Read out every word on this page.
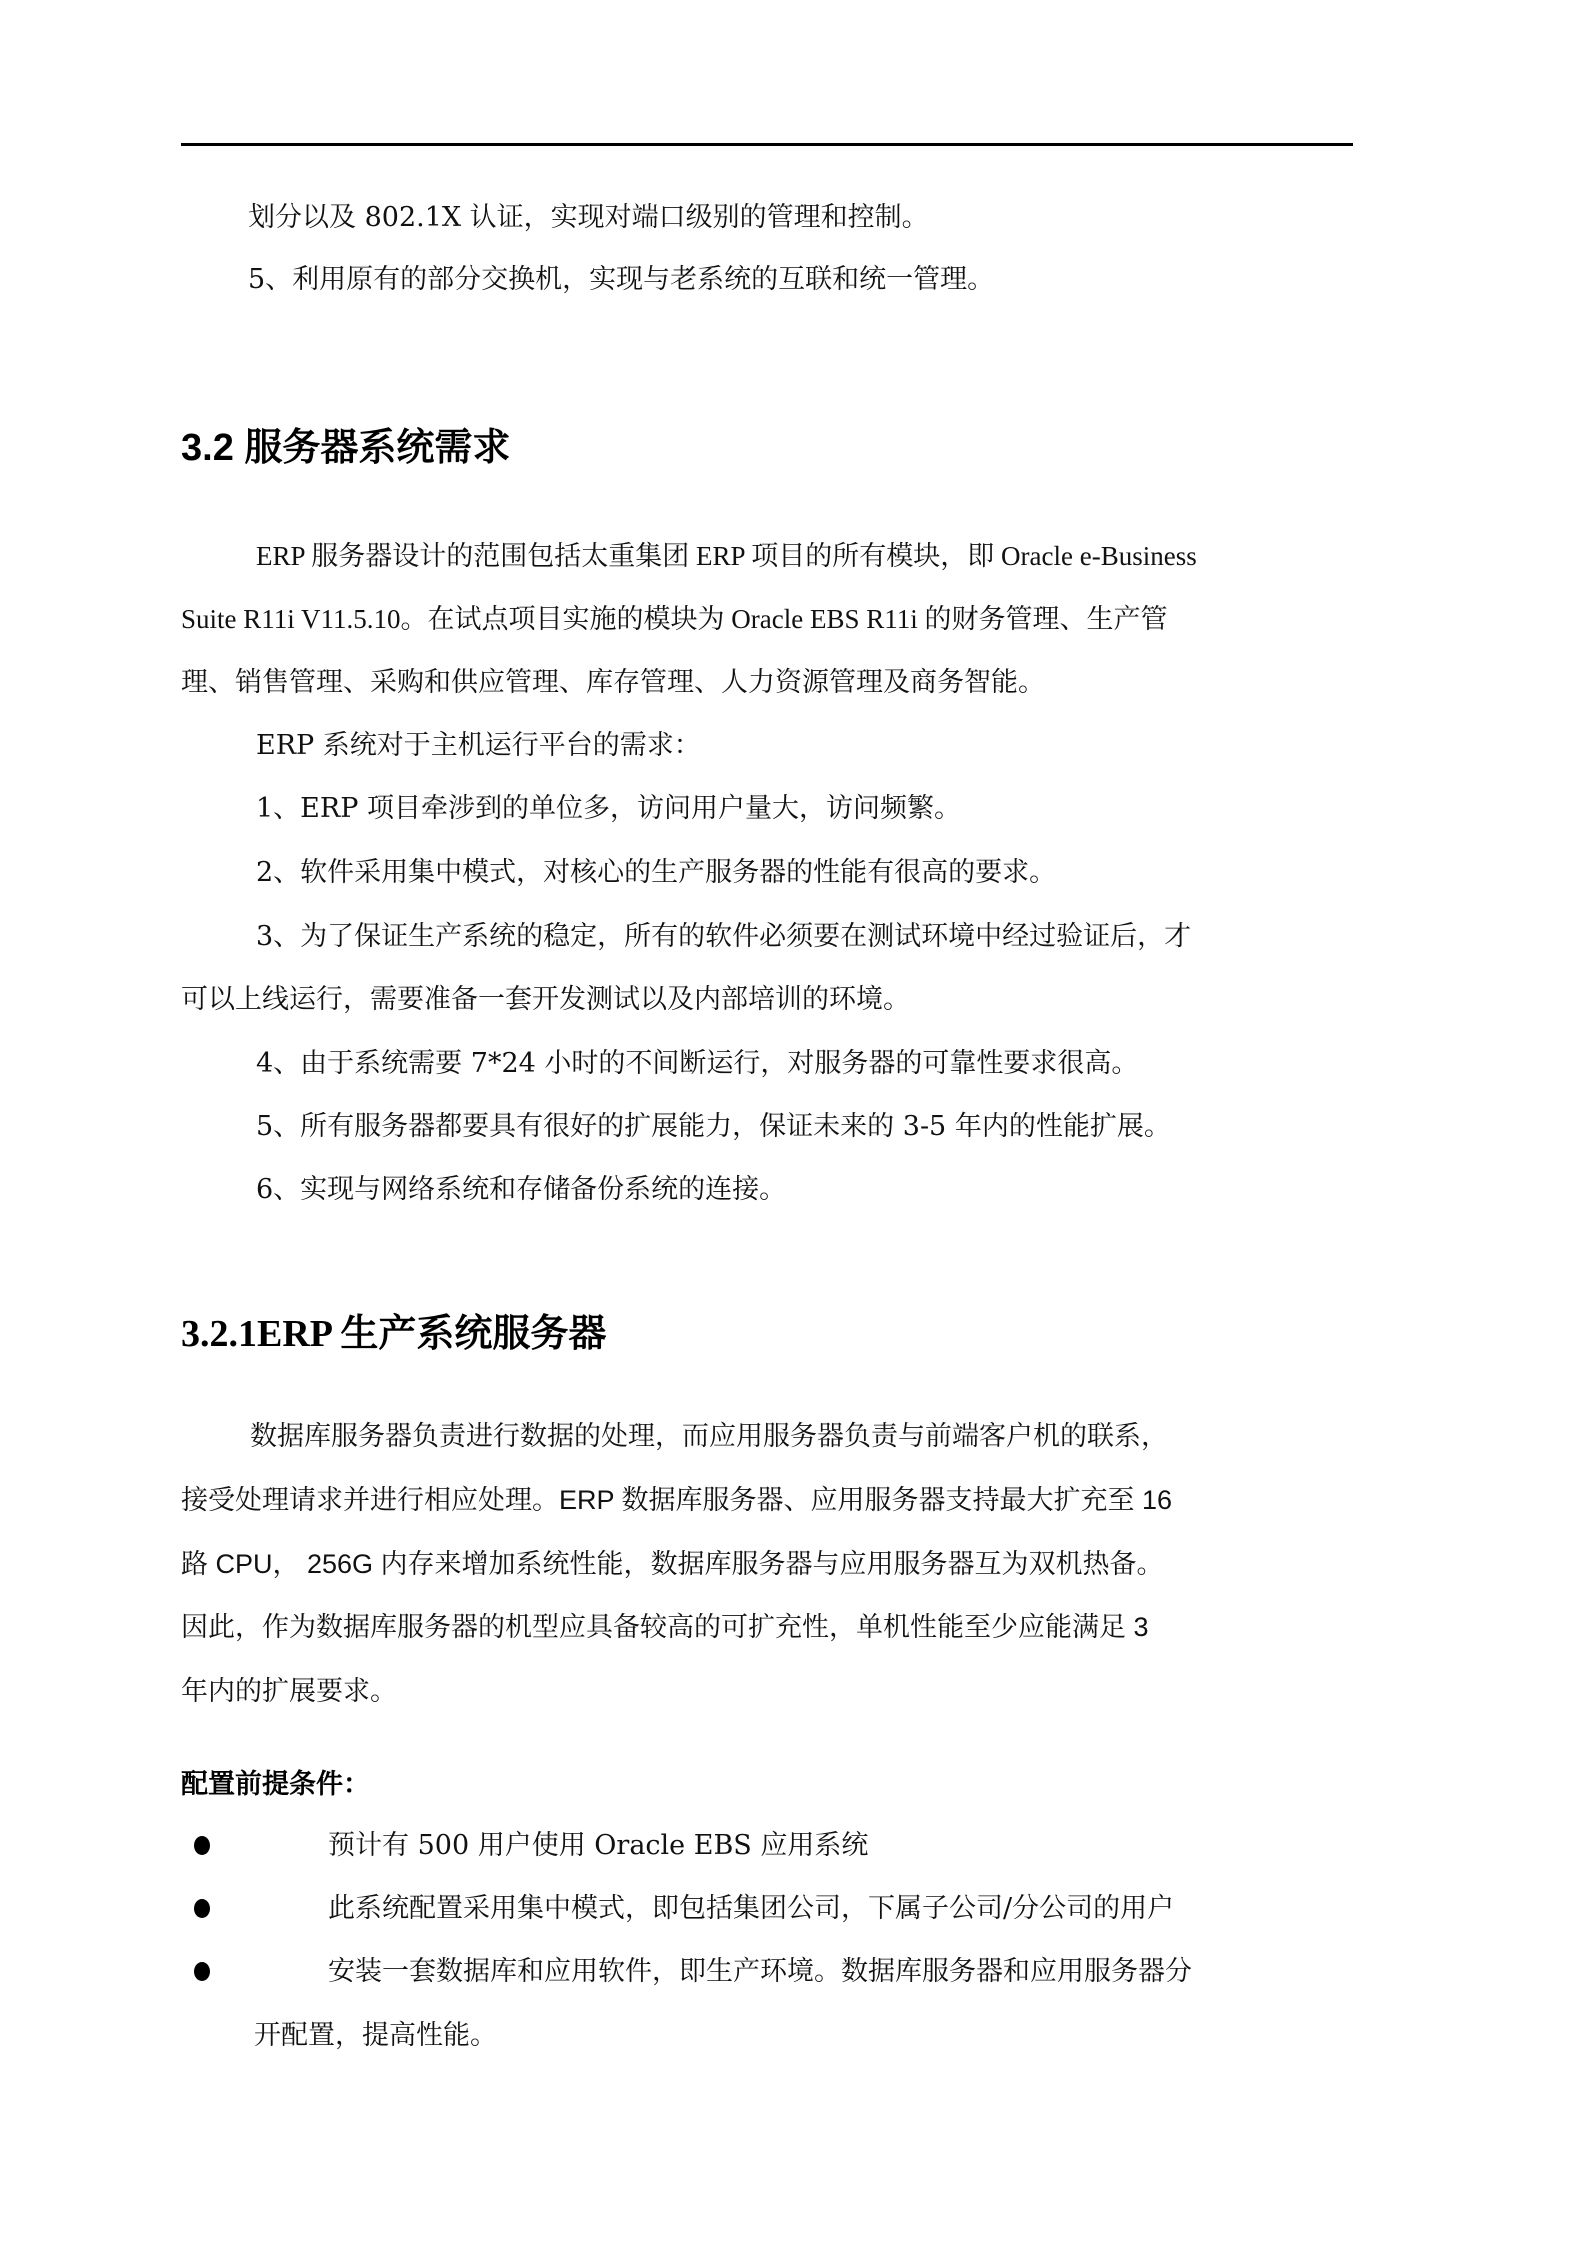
划分以及 802.1X 认证，实现对端口级别的管理和控制。
5、利用原有的部分交换机，实现与老系统的互联和统一管理。
3.2 服务器系统需求
ERP 服务器设计的范围包括太重集团 ERP 项目的所有模块，即 Oracle e-Business
Suite R11i V11.5.10。在试点项目实施的模块为 Oracle EBS R11i 的财务管理、生产管
理、销售管理、采购和供应管理、库存管理、人力资源管理及商务智能。
ERP 系统对于主机运行平台的需求：
1、ERP 项目牵涉到的单位多，访问用户量大，访问频繁。
2、软件采用集中模式，对核心的生产服务器的性能有很高的要求。
3、为了保证生产系统的稳定，所有的软件必须要在测试环境中经过验证后，才
可以上线运行，需要准备一套开发测试以及内部培训的环境。
4、由于系统需要 7*24 小时的不间断运行，对服务器的可靠性要求很高。
5、所有服务器都要具有很好的扩展能力，保证未来的 3-5 年内的性能扩展。
6、实现与网络系统和存储备份系统的连接。
3.2.1ERP 生产系统服务器
数据库服务器负责进行数据的处理，而应用服务器负责与前端客户机的联系，
接受处理请求并进行相应处理。ERP 数据库服务器、应用服务器支持最大扩充至 16
路 CPU， 256G 内存来增加系统性能，数据库服务器与应用服务器互为双机热备。
因此，作为数据库服务器的机型应具备较高的可扩充性，单机性能至少应能满足 3
年内的扩展要求。
配置前提条件：
预计有 500 用户使用 Oracle EBS 应用系统
此系统配置采用集中模式，即包括集团公司，下属子公司/分公司的用户
安装一套数据库和应用软件，即生产环境。数据库服务器和应用服务器分
开配置，提高性能。
